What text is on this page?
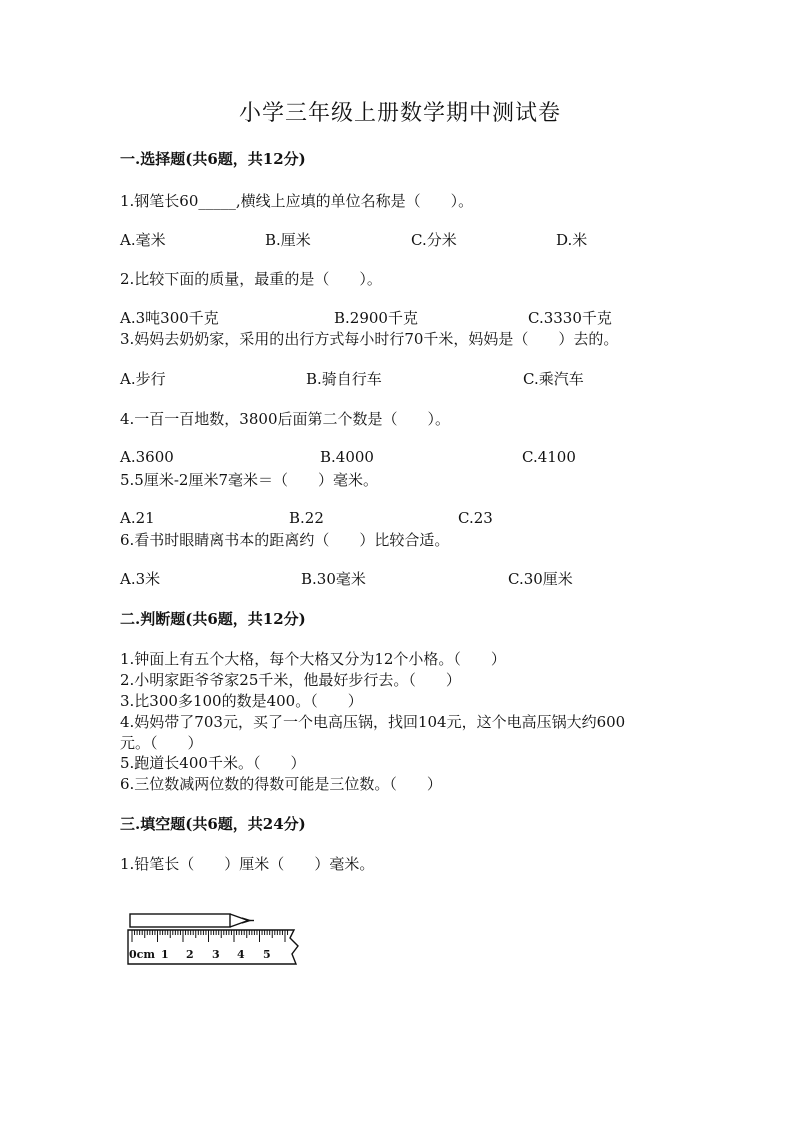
小学三年级上册数学期中测试卷
一.选择题(共6题，共12分)
1.钢笔长60_____,横线上应填的单位名称是（　　）。
A.毫米	B.厘米	C.分米	D.米
2.比较下面的质量，最重的是（　　）。
A.3吨300千克	B.2900千克	C.3330千克
3.妈妈去奶奶家，采用的出行方式每小时行70千米，妈妈是（　　）去的。
A.步行	B.骑自行车	C.乘汽车
4.一百一百地数，3800后面第二个数是（　　）。
A.3600	B.4000	C.4100
5.5厘米-2厘米7毫米＝（　　）毫米。
A.21	B.22	C.23
6.看书时眼睛离书本的距离约（　　）比较合适。
A.3米	B.30毫米	C.30厘米
二.判断题(共6题，共12分)
1.钟面上有五个大格，每个大格又分为12个小格。（　　）
2.小明家距爷爷家25千米，他最好步行去。（　　）
3.比300多100的数是400。（　　）
4.妈妈带了703元，买了一个电高压锅，找回104元，这个电高压锅大约600
元。（　　）
5.跑道长400千米。（　　）
6.三位数减两位数的得数可能是三位数。（　　）
三.填空题(共6题，共24分)
1.铅笔长（　　）厘米（　　）毫米。
0cm 1 2 3 4 5
